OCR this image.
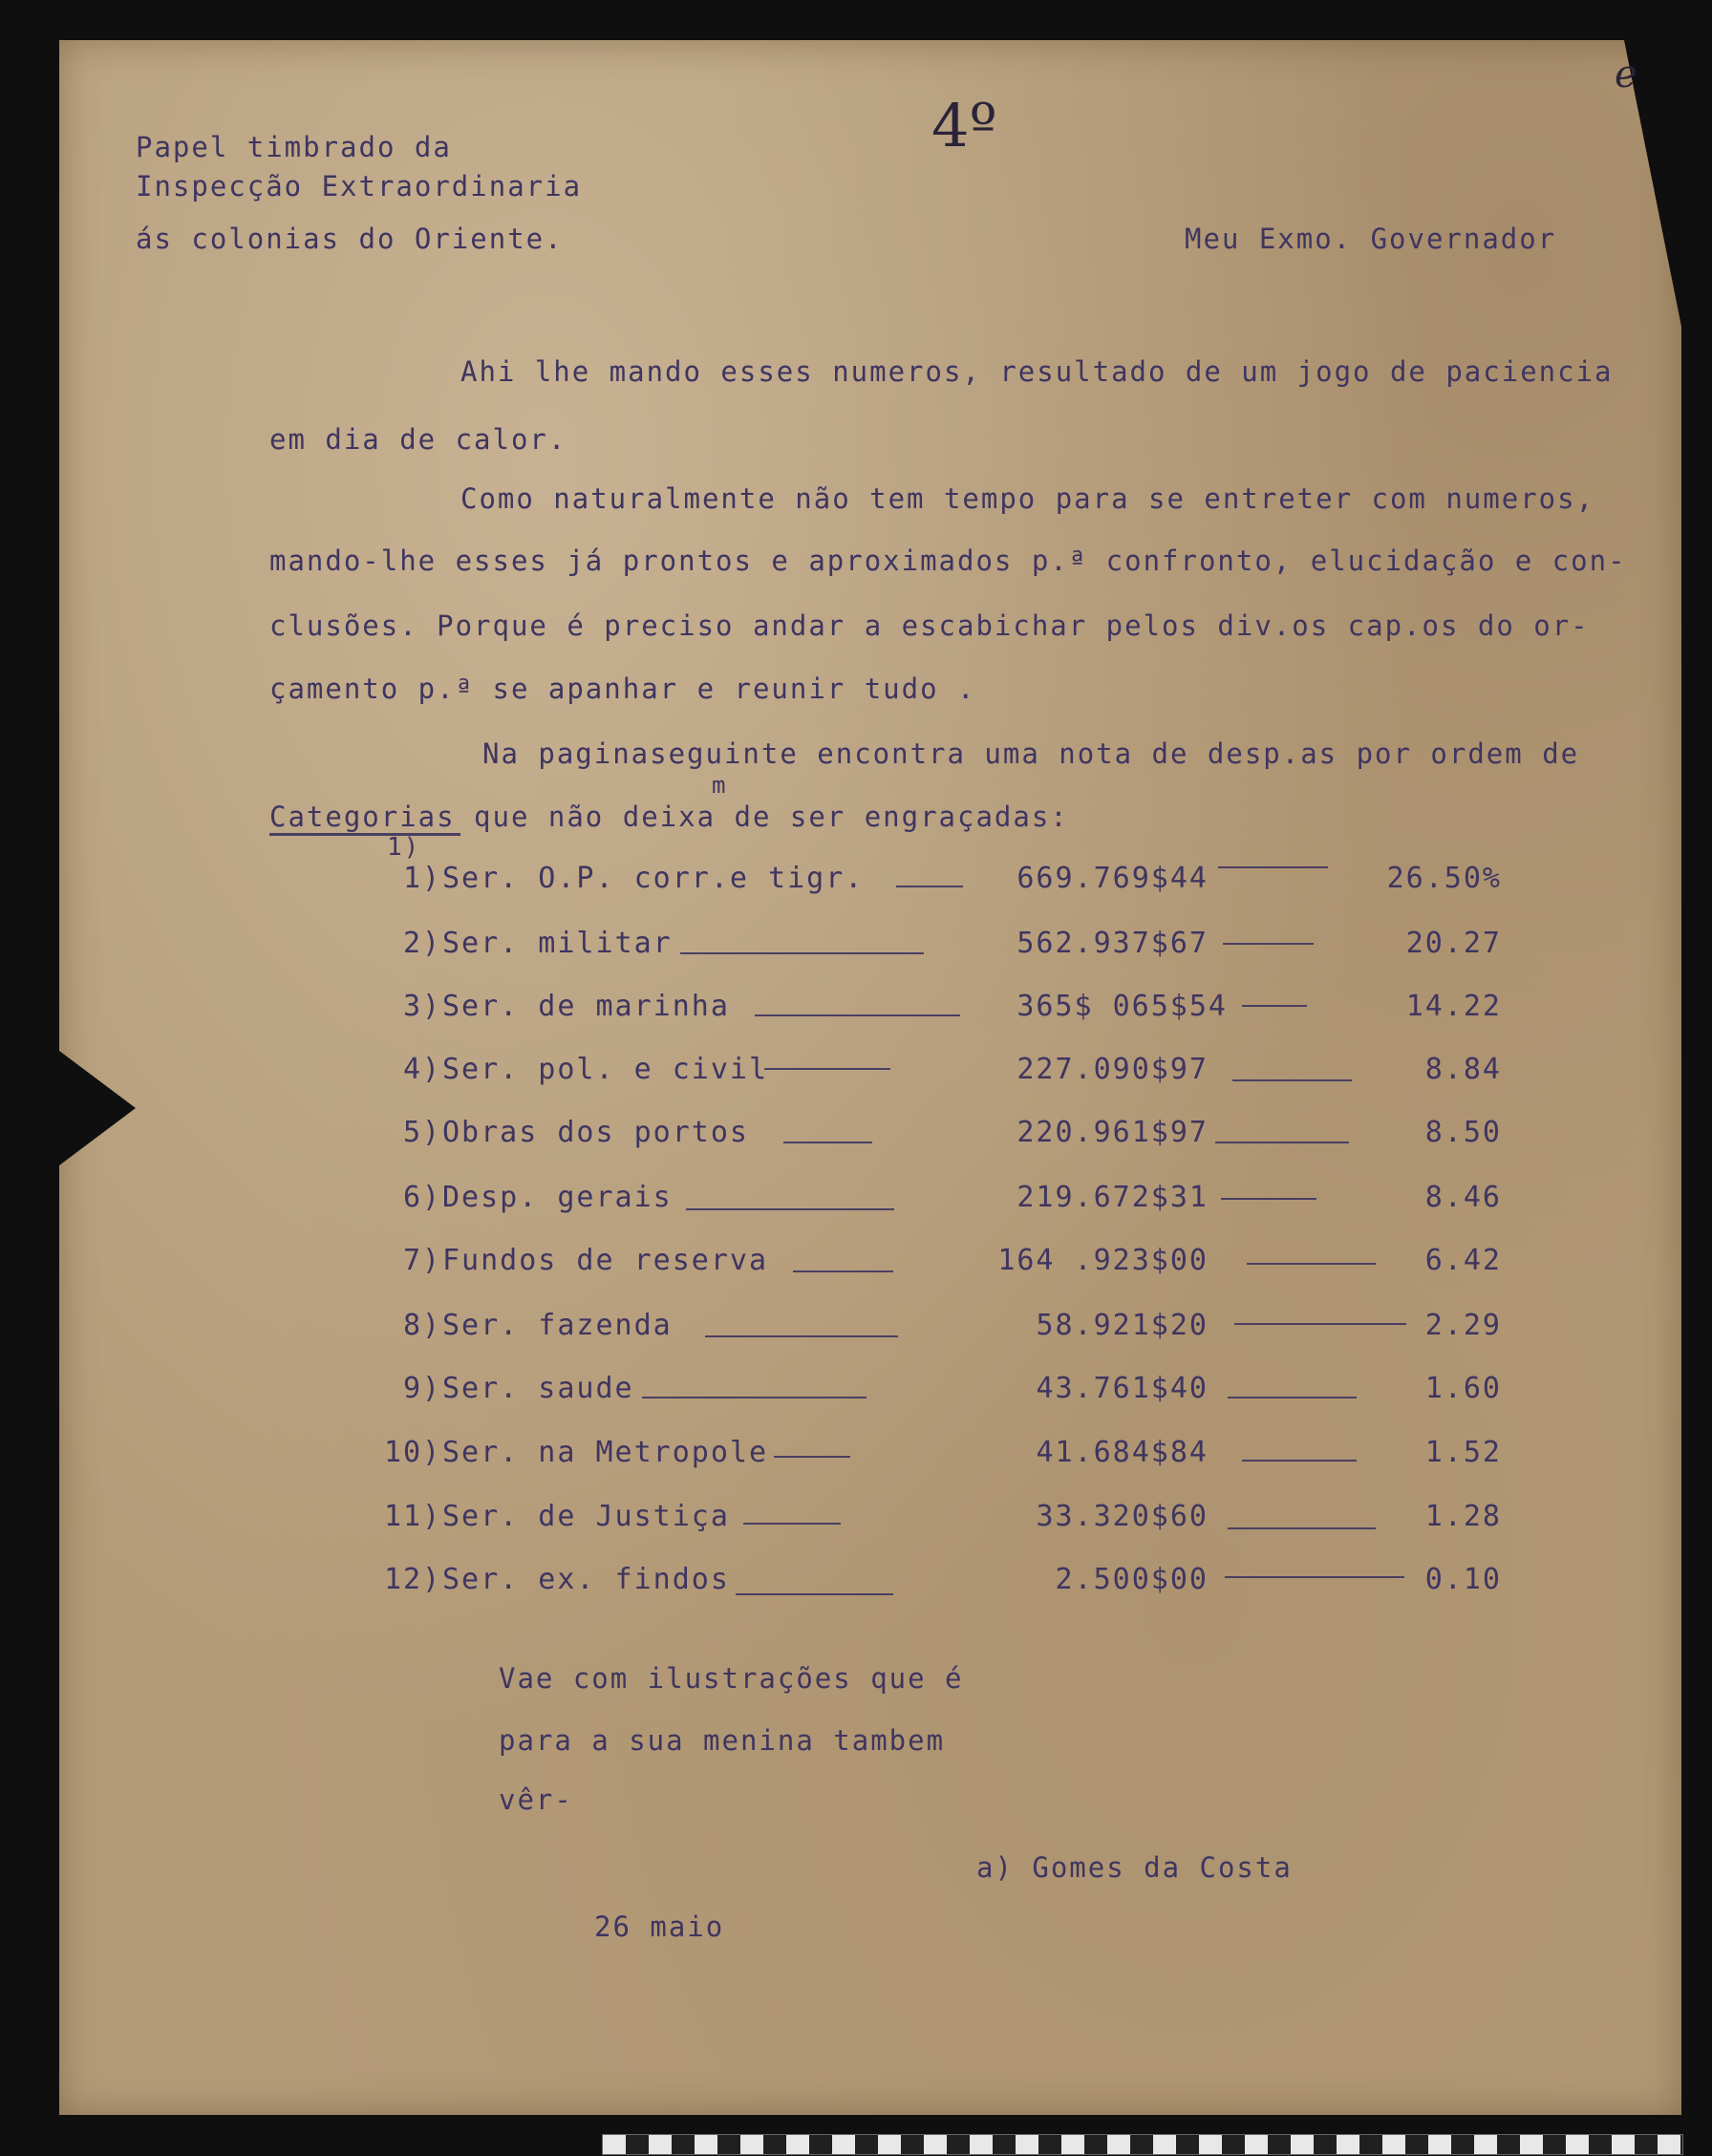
4º
e
Papel timbrado da
Inspecção Extraordinaria
ás colonias do Oriente.	Meu Exmo. Governador
Ahi lhe mando esses numeros, resultado de um jogo de paciencia
em dia de calor.
Como naturalmente não tem tempo para se entreter com numeros,
mando-lhe esses já prontos e aproximados p.ª confronto, elucidação e con-
clusões. Porque é preciso andar a escabichar pelos div.os cap.os do or-
çamento p.ª se apanhar e reunir tudo .
Na paginaseguinte encontra uma nota de desp.as por ordem de
m
Categorias que não deixa de ser engraçadas:
1)
1) Ser. O.P. corr.e tigr.	669.769$44	26.50%
2) Ser. militar	562.937$67	20.27
3) Ser. de marinha	365$ 065$54	14.22
4) Ser. pol. e civil	227.090$97	8.84
5) Obras dos portos	220.961$97	8.50
6) Desp. gerais	219.672$31	8.46
7) Fundos de reserva	164 .923$00	6.42
8) Ser. fazenda	58.921$20	2.29
9) Ser. saude	43.761$40	1.60
10) Ser. na Metropole	41.684$84	1.52
11) Ser. de Justiça	33.320$60	1.28
12) Ser. ex. findos	2.500$00	0.10
Vae com ilustrações que é
para a sua menina tambem
vêr-
a) Gomes da Costa
26 maio
